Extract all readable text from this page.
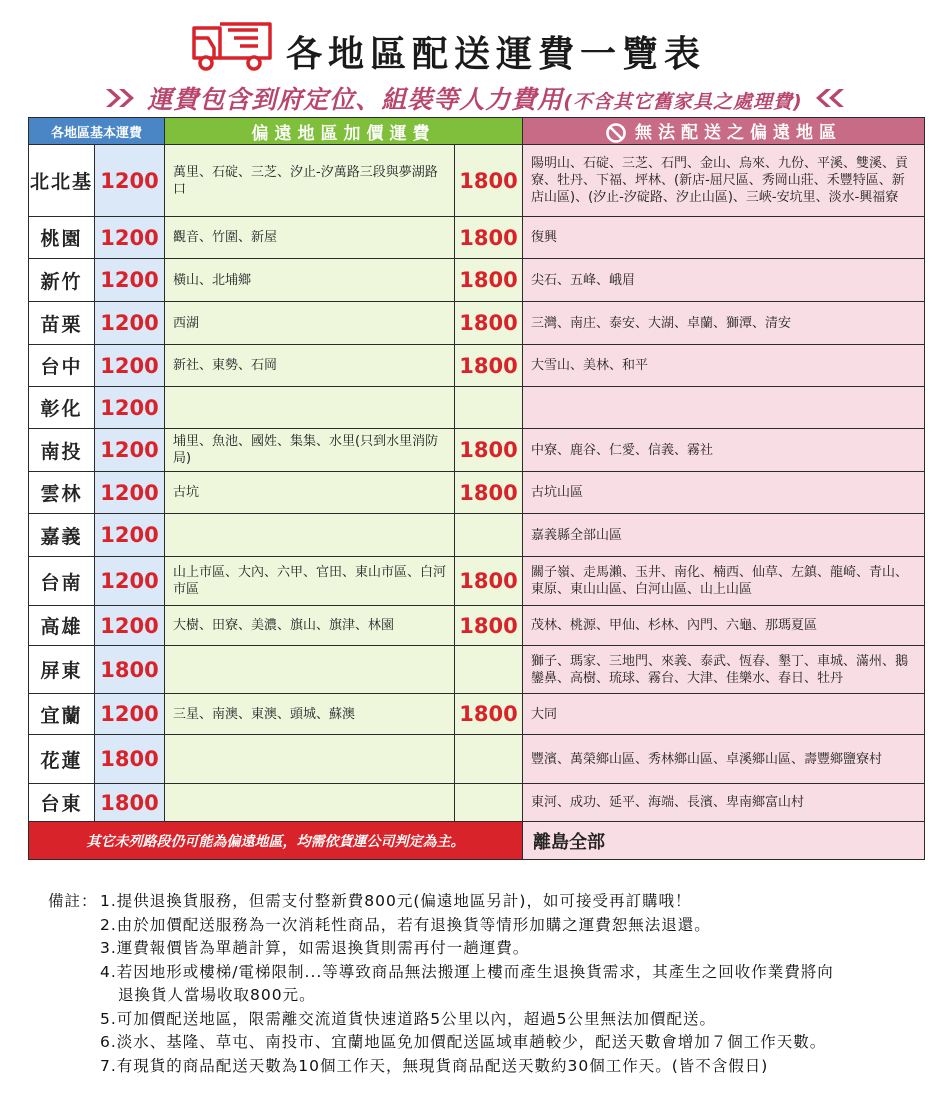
各地區配送運費一覽表
運費包含到府定位、組裝等人力費用(不含其它舊家具之處理費)
各地區基本運費		偏遠地區加價運費		無法配送之偏遠地區
北北基	1200	萬里、石碇、三芝、汐止-汐萬路三段與夢湖路口	1800	陽明山、石碇、三芝、石門、金山、烏來、九份、平溪、雙溪、貢寮、牡丹、下福、坪林、(新店-屈尺區、秀岡山莊、禾豐特區、新店山區)、(汐止-汐碇路、汐止山區)、三峽-安坑里、淡水-興福寮
桃園	1200	觀音、竹圍、新屋	1800	復興
新竹	1200	橫山、北埔鄉	1800	尖石、五峰、峨眉
苗栗	1200	西湖	1800	三灣、南庄、泰安、大湖、卓蘭、獅潭、清安
台中	1200	新社、東勢、石岡	1800	大雪山、美林、和平
彰化	1200			
南投	1200	埔里、魚池、國姓、集集、水里(只到水里消防局)	1800	中寮、鹿谷、仁愛、信義、霧社
雲林	1200	古坑	1800	古坑山區
嘉義	1200			嘉義縣全部山區
台南	1200	山上市區、大內、六甲、官田、東山市區、白河市區	1800	關子嶺、走馬瀨、玉井、南化、楠西、仙草、左鎮、龍崎、青山、東原、東山山區、白河山區、山上山區
高雄	1200	大樹、田寮、美濃、旗山、旗津、林園	1800	茂林、桃源、甲仙、杉林、內門、六龜、那瑪夏區
屏東	1800			獅子、瑪家、三地門、來義、泰武、恆春、墾丁、車城、滿州、鵝鑾鼻、高樹、琉球、霧台、大津、佳樂水、春日、牡丹
宜蘭	1200	三星、南澳、東澳、頭城、蘇澳	1800	大同
花蓮	1800			豐濱、萬榮鄉山區、秀林鄉山區、卓溪鄉山區、壽豐鄉鹽寮村
台東	1800			東河、成功、延平、海端、長濱、卑南鄉富山村
其它未列路段仍可能為偏遠地區，均需依貨運公司判定為主。				離島全部
備註： 1.提供退換貨服務，但需支付整新費800元(偏遠地區另計)，如可接受再訂購哦！
2.由於加價配送服務為一次消耗性商品，若有退換貨等情形加購之運費恕無法退還。
3.運費報價皆為單趟計算，如需退換貨則需再付一趟運費。
4.若因地形或樓梯/電梯限制...等導致商品無法搬運上樓而產生退換貨需求，其產生之回收作業費將向
退換貨人當場收取800元。
5.可加價配送地區，限需離交流道貨快速道路5公里以內，超過5公里無法加價配送。
6.淡水、基隆、草屯、南投市、宜蘭地區免加價配送區域車趟較少，配送天數會增加７個工作天數。
7.有現貨的商品配送天數為10個工作天，無現貨商品配送天數約30個工作天。(皆不含假日)
